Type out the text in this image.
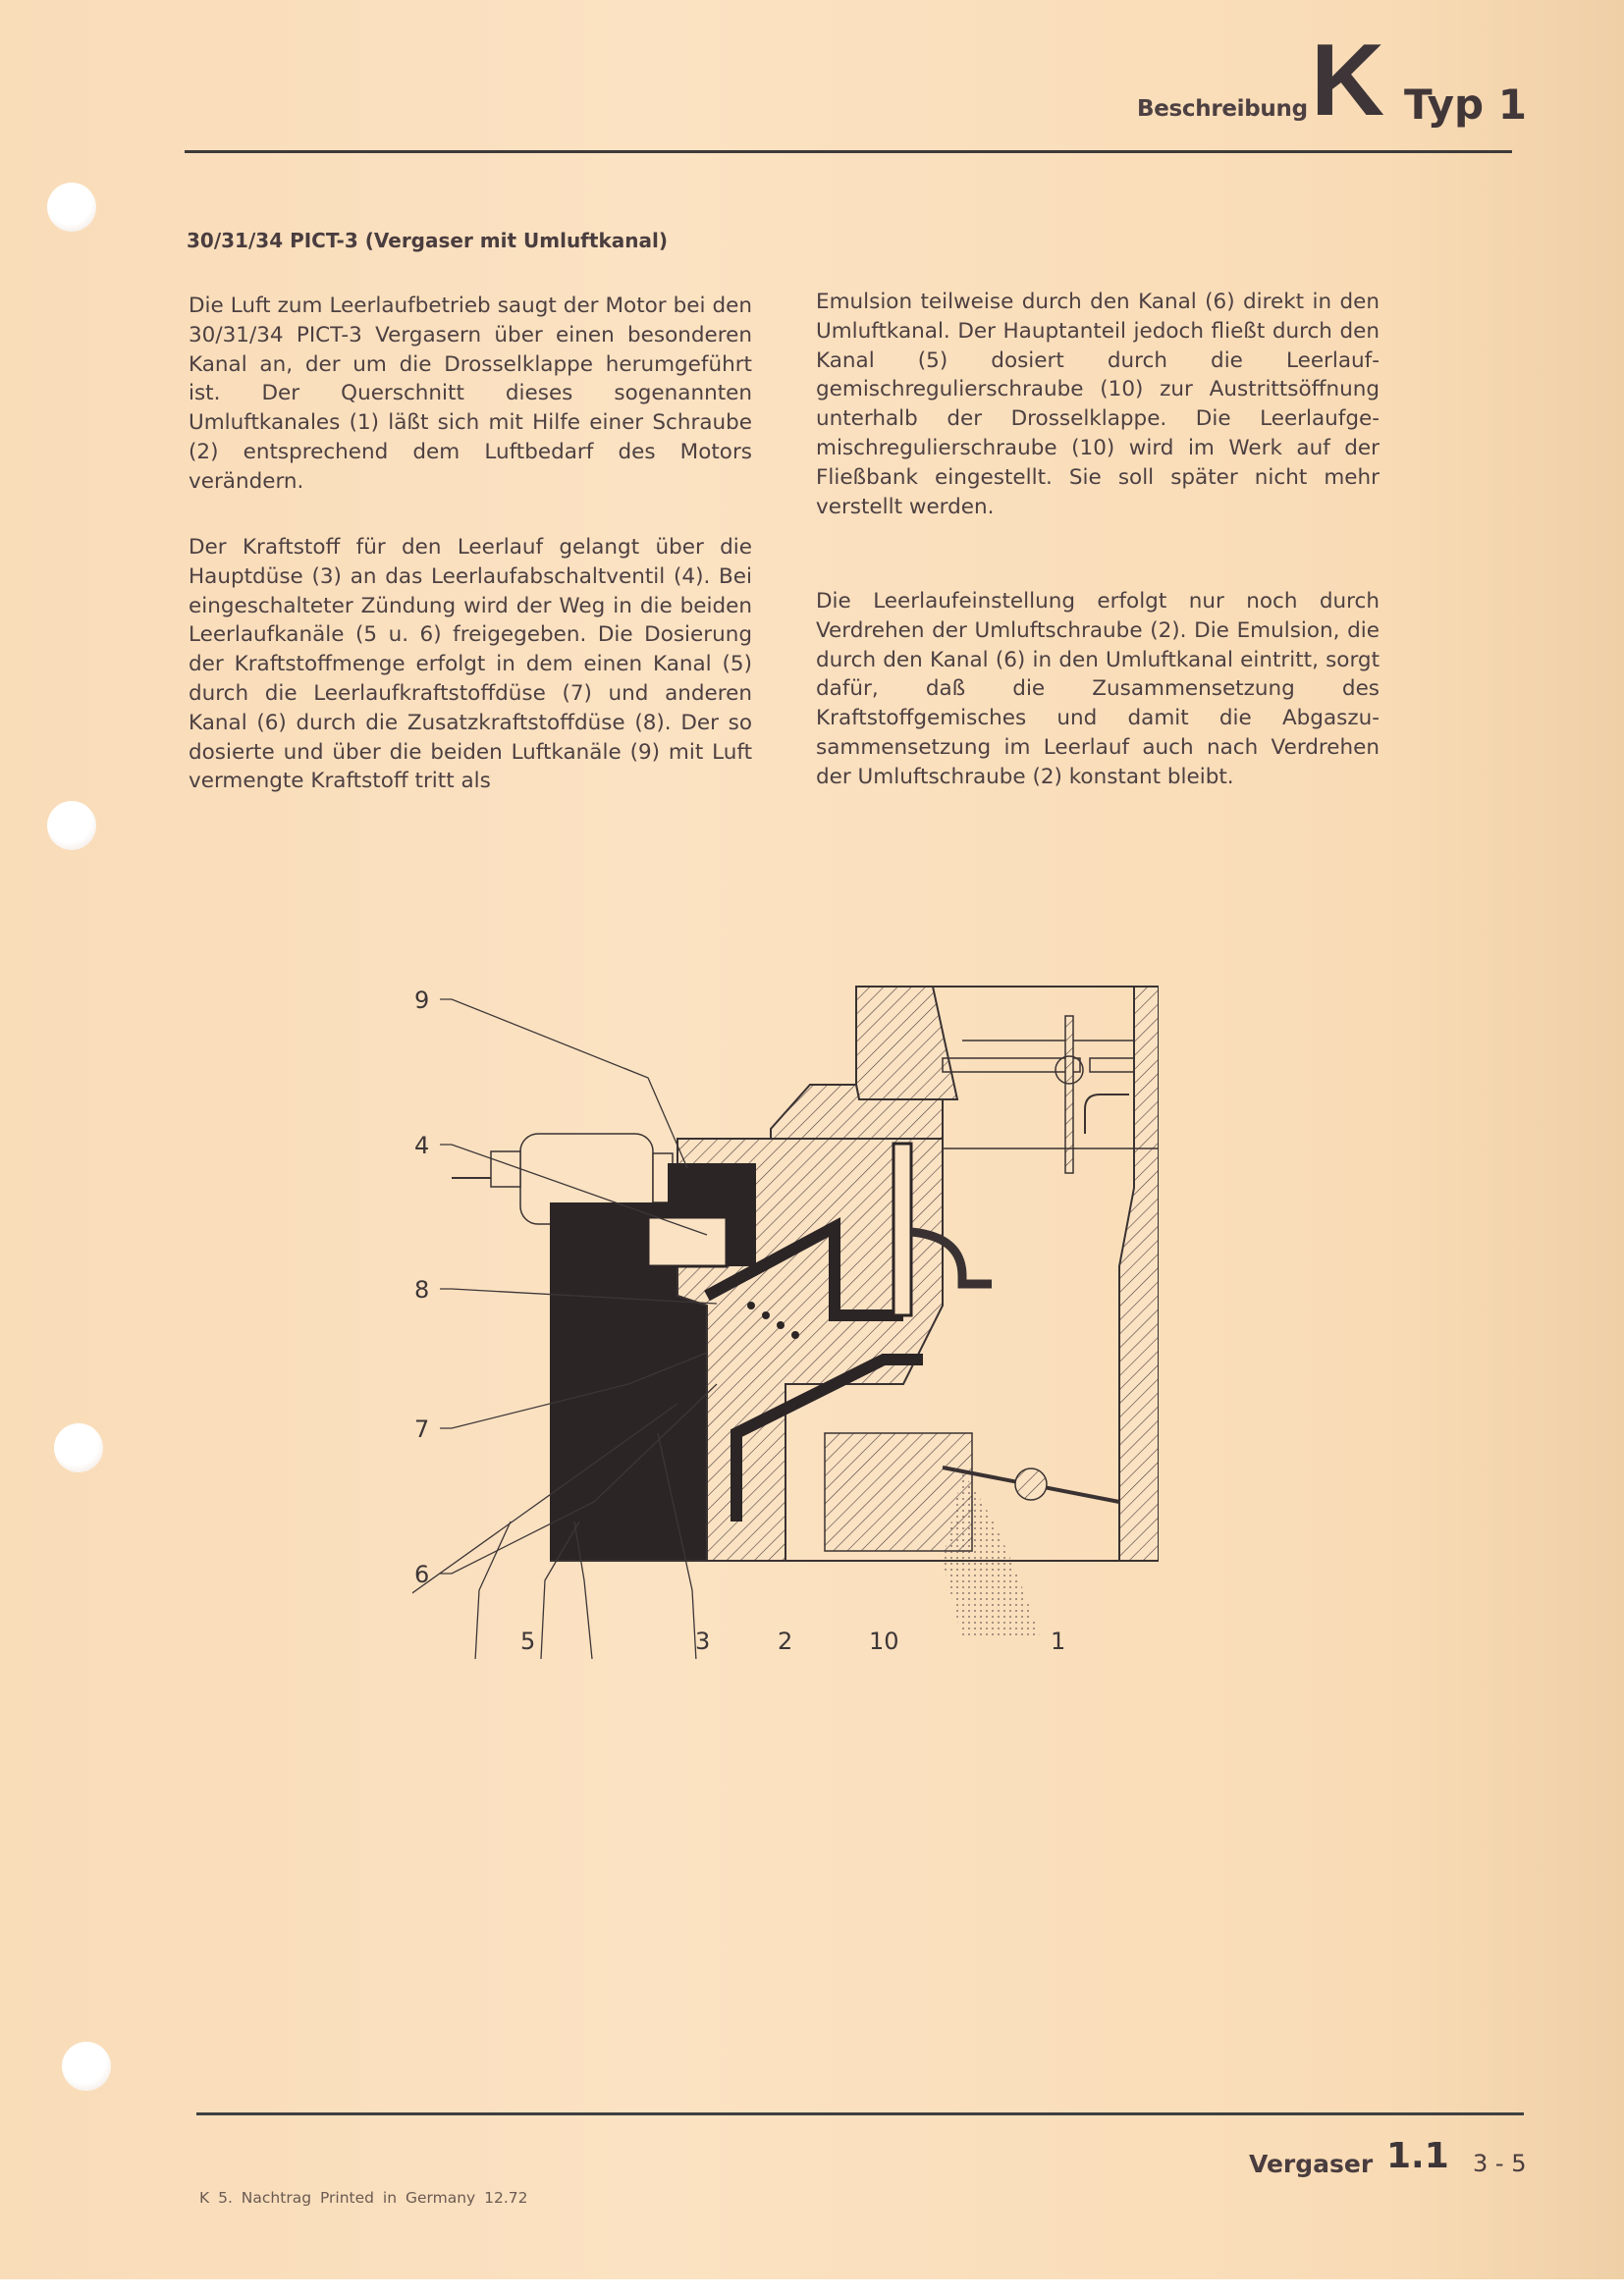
Beschreibung K Typ 1
30/31/34 PICT-3 (Vergaser mit Umluftkanal)

Die Luft zum Leerlaufbetrieb saugt der Motor bei den 30/31/34 PICT-3 Vergasern über einen besonderen Kanal an, der um die Drosselklappe herumgeführt ist. Der Querschnitt dieses sogenannten Umluftkanales (1) läßt sich mit Hilfe einer Schraube (2) entsprechend dem Luftbedarf des Motors verändern.

Der Kraftstoff für den Leerlauf gelangt über die Hauptdüse (3) an das Leerlaufabschaltventil (4). Bei eingeschalteter Zündung wird der Weg in die beiden Leerlaufkanäle (5 u. 6) freigegeben. Die Dosierung der Kraftstoffmenge erfolgt in dem einen Kanal (5) durch die Leerlaufkraftstoffdüse (7) und anderen Kanal (6) durch die Zusatzkraftstoffdüse (8). Der so dosierte und über die beiden Luftkanäle (9) mit Luft vermengte Kraftstoff tritt als

Emulsion teilweise durch den Kanal (6) direkt in den Umluftkanal. Der Hauptanteil jedoch fließt durch den Kanal (5) dosiert durch die Leerlaufgemischregulierschraube (10) zur Austrittsöffnung unterhalb der Drosselklappe. Die Leerlaufgemischregulierschraube (10) wird im Werk auf der Fließbank eingestellt. Sie soll später nicht mehr verstellt werden.

Die Leerlaufeinstellung erfolgt nur noch durch Verdrehen der Umluftschraube (2). Die Emulsion, die durch den Kanal (6) in den Umluftkanal eintritt, sorgt dafür, daß die Zusammensetzung des Kraftstoffgemisches und damit die Abgaszusammensetzung im Leerlauf auch nach Verdrehen der Umluftschraube (2) konstant bleibt.

9
4
8
7
6
5	3	2	10	1
Vergaser 1.1 3 - 5
K 5. Nachtrag Printed in Germany 12.72
